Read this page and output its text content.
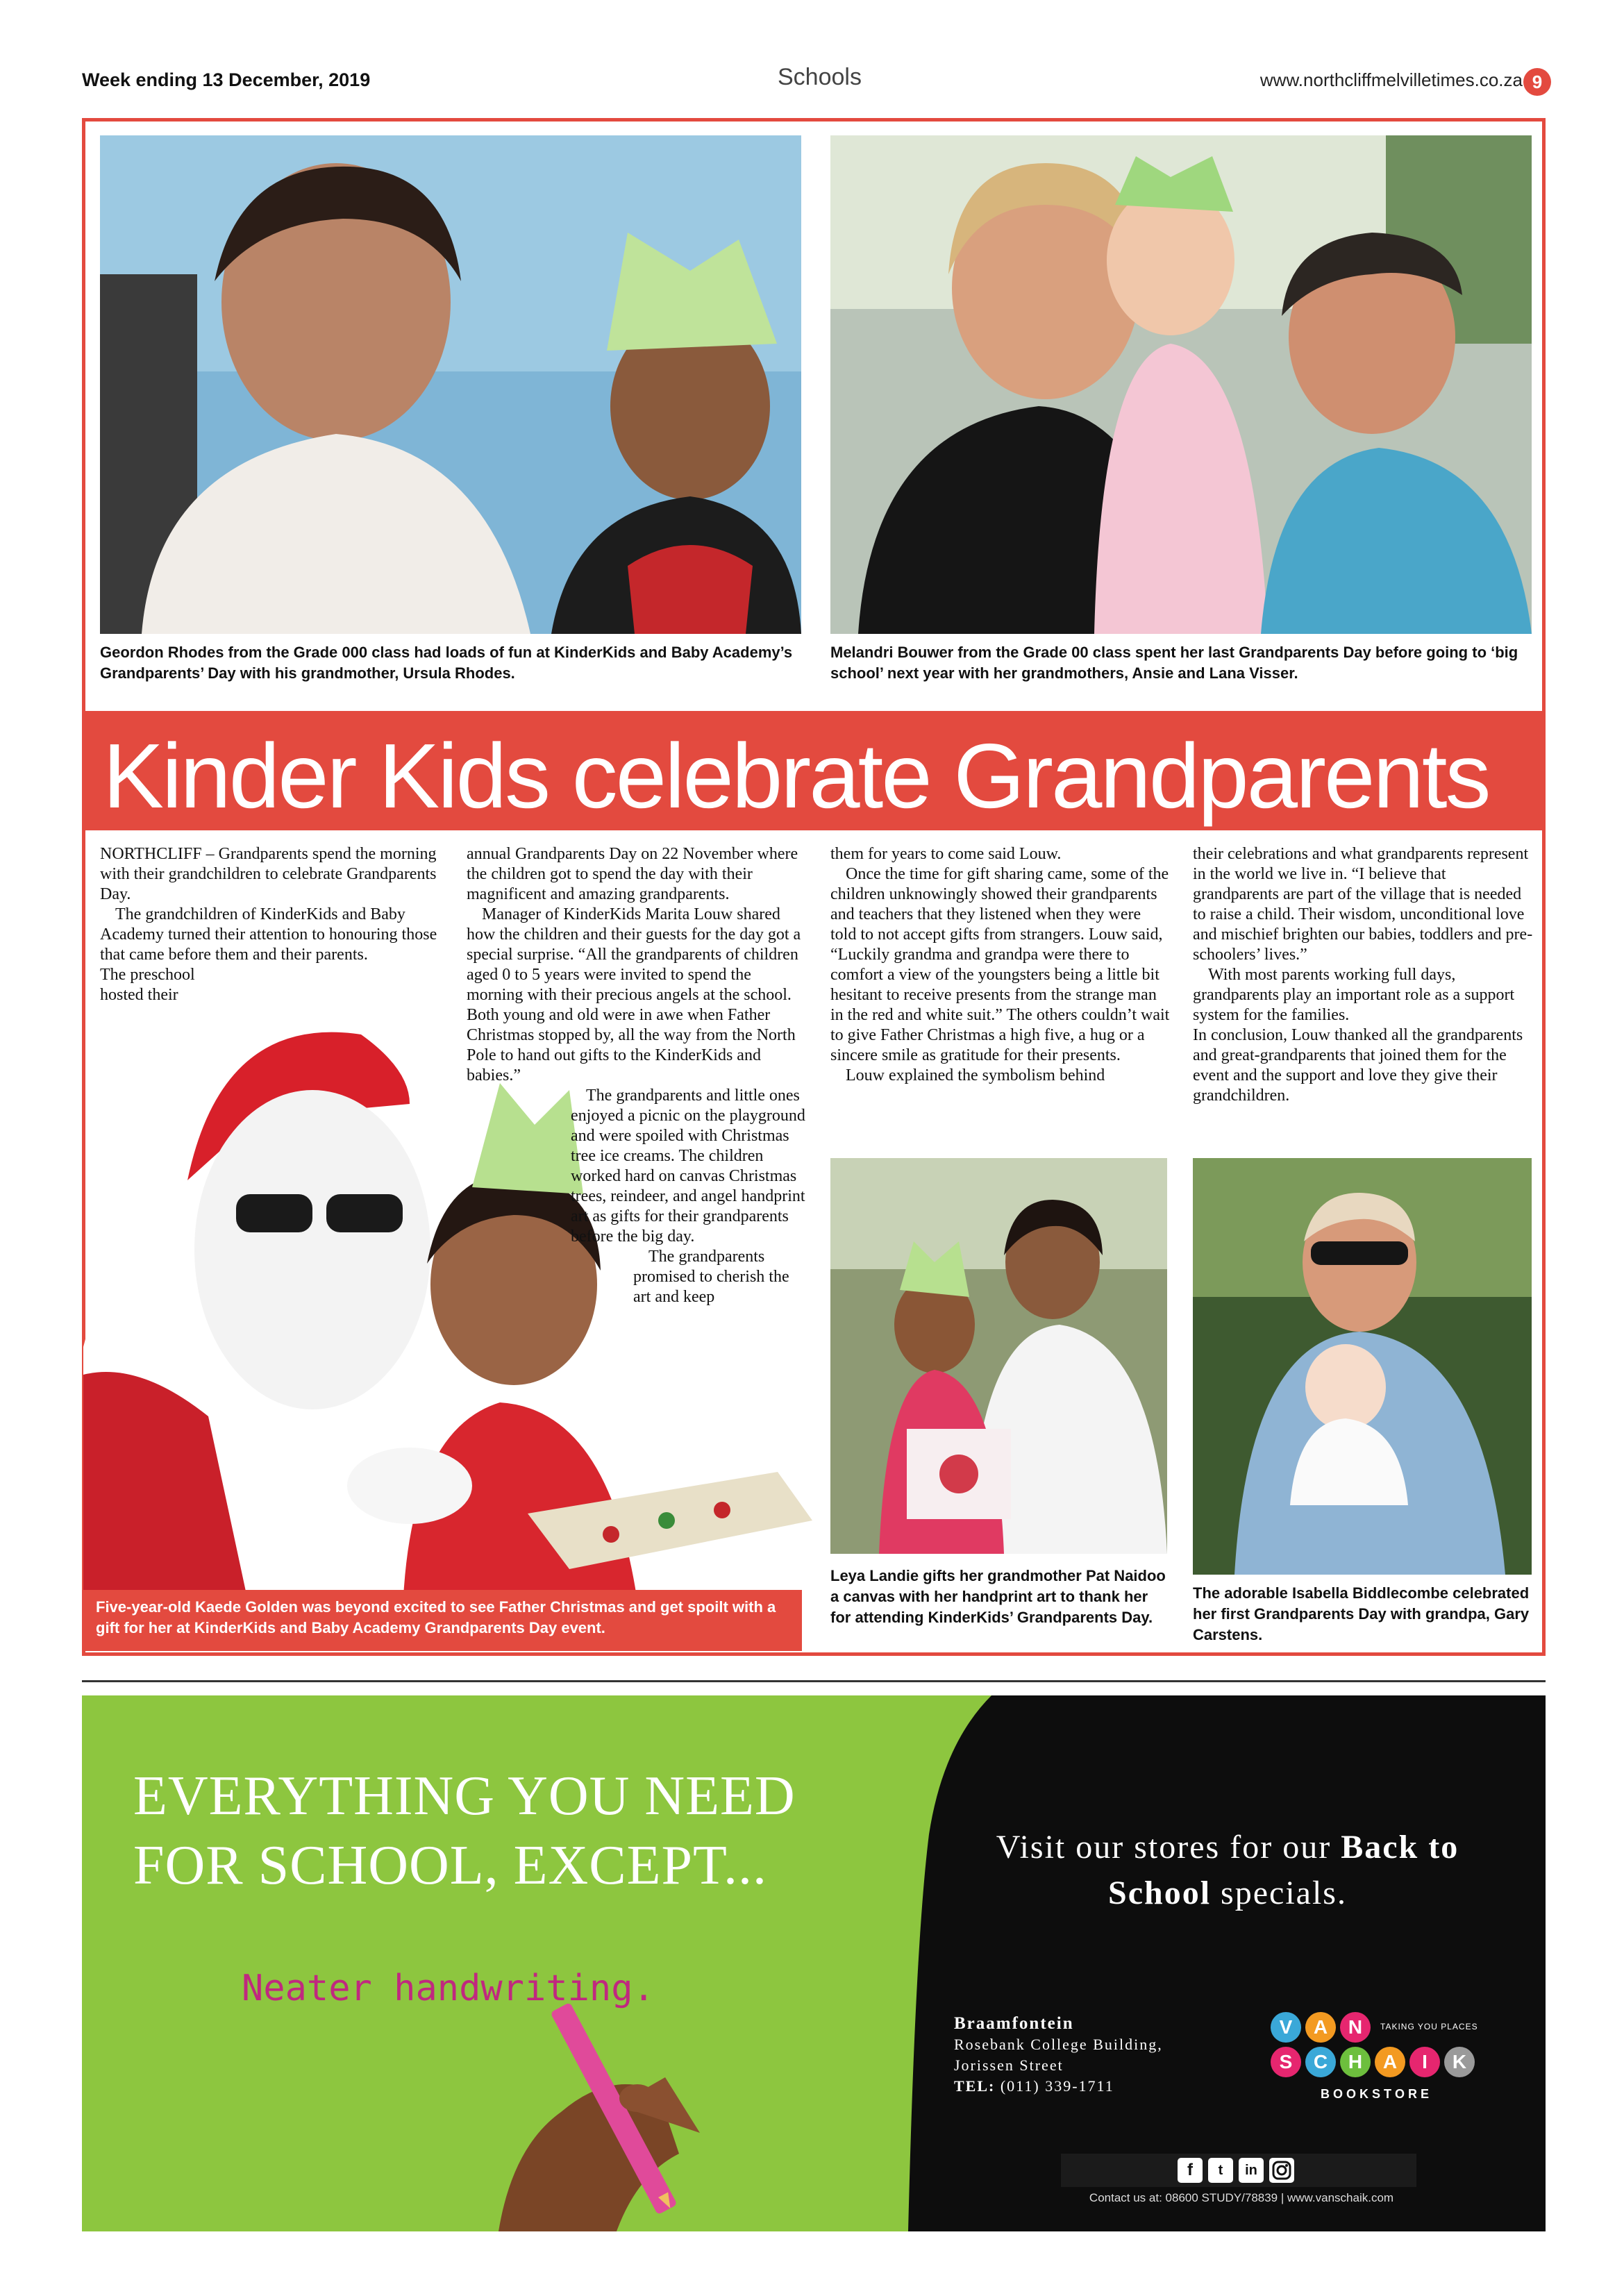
Week ending 13 December, 2019	Schools	www.northcliffmelvilletimes.co.za 9
Geordon Rhodes from the Grade 000 class had loads of fun at KinderKids and Baby Academy’s Grandparents’ Day with his grandmother, Ursula Rhodes.
Melandri Bouwer from the Grade 00 class spent her last Grandparents Day before going to ‘big school’ next year with her grandmothers, Ansie and Lana Visser.
Kinder Kids celebrate Grandparents
Five-year-old Kaede Golden was beyond excited to see Father Christmas and get spoilt with a gift for her at KinderKids and Baby Academy Grandparents Day event.

NORTHCLIFF – Grandparents spend the morning with their grandchildren to celebrate Grandparents Day.

The grandchildren of KinderKids and Baby Academy turned their attention to honouring those that came before them and their parents.

The preschool hosted their

annual Grandparents Day on 22 November where the children got to spend the day with their magnificent and amazing grandparents.

Manager of KinderKids Marita Louw shared how the children and their guests for the day got a special surprise. “All the grandparents of children aged 0 to 5 years were invited to spend the morning with their precious angels at the school. Both young and old were in awe when Father Christmas stopped by, all the way from the North Pole to hand out gifts to the KinderKids and babies.”

The grandparents and little ones enjoyed a picnic on the playground and were spoiled with Christmas tree ice creams. The children worked hard on canvas Christmas trees, reindeer, and angel handprint art as gifts for their grandparents before the big day.

The grandparents promised to cherish the art and keep

them for years to come said Louw.

Once the time for gift sharing came, some of the children unknowingly showed their grandparents and teachers that they listened when they were told to not accept gifts from strangers. Louw said, “Luckily grandma and grandpa were there to comfort a view of the youngsters being a little bit hesitant to receive presents from the strange man in the red and white suit.” The others couldn’t wait to give Father Christmas a high five, a hug or a sincere smile as gratitude for their presents.

Louw explained the symbolism behind

their celebrations and what grandparents represent in the world we live in. “I believe that grandparents are part of the village that is needed to raise a child. Their wisdom, unconditional love and mischief brighten our babies, toddlers and pre-schoolers’ lives.”

With most parents working full days, grandparents play an important role as a support system for the families.

In conclusion, Louw thanked all the grandparents and great-grandparents that joined them for the event and the support and love they give their grandchildren.

Leya Landie gifts her grandmother Pat Naidoo a canvas with her handprint art to thank her for attending KinderKids’ Grandparents Day.
The adorable Isabella Biddlecombe celebrated her first Grandparents Day with grandpa, Gary Carstens.
EVERYTHING YOU NEED
FOR SCHOOL, EXCEPT...
Neater handwriting.
Visit our stores for our Back to School specials.
Braamfontein
Rosebank College Building,
Jorissen Street
TEL: (011) 339-1711
V	A	N	TAKING YOU PLACES
S	C	H	A	I	K
B O O K S T O R E
f	t	in
Contact us at: 08600 STUDY/78839 | www.vanschaik.com
